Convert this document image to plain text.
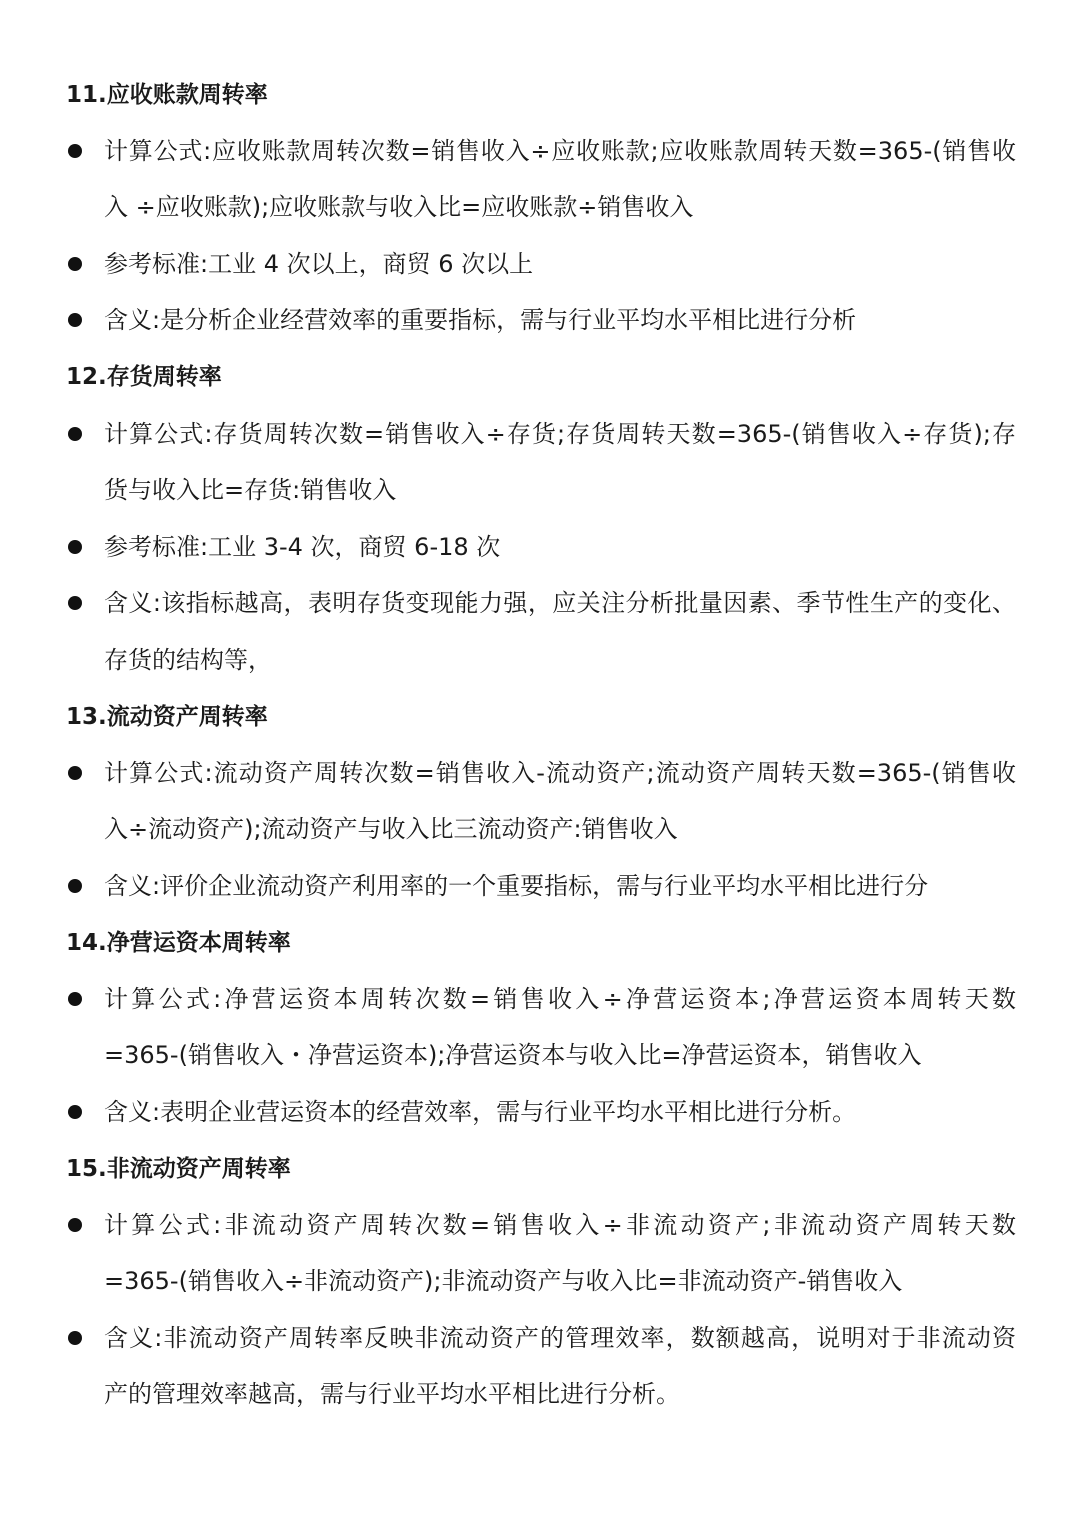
11.应收账款周转率
计算公式:应收账款周转次数=销售收入÷应收账款;应收账款周转天数=365-(销售收
入 ÷应收账款);应收账款与收入比=应收账款÷销售收入
参考标准:工业 4 次以上，商贸 6 次以上
含义:是分析企业经营效率的重要指标，需与行业平均水平相比进行分析
12.存货周转率
计算公式:存货周转次数=销售收入÷存货;存货周转天数=365-(销售收入÷存货);存
货与收入比=存货:销售收入
参考标准:工业 3-4 次，商贸 6-18 次
含义:该指标越高，表明存货变现能力强，应关注分析批量因素、季节性生产的变化、
存货的结构等，
13.流动资产周转率
计算公式:流动资产周转次数=销售收入-流动资产;流动资产周转天数=365-(销售收
入÷流动资产);流动资产与收入比三流动资产:销售收入
含义:评价企业流动资产利用率的一个重要指标，需与行业平均水平相比进行分
14.净营运资本周转率
计算公式:净营运资本周转次数=销售收入÷净营运资本;净营运资本周转天数
=365-(销售收入・净营运资本);净营运资本与收入比=净营运资本，销售收入
含义:表明企业营运资本的经营效率，需与行业平均水平相比进行分析。
15.非流动资产周转率
计算公式:非流动资产周转次数=销售收入÷非流动资产;非流动资产周转天数
=365-(销售收入÷非流动资产);非流动资产与收入比=非流动资产-销售收入
含义:非流动资产周转率反映非流动资产的管理效率，数额越高，说明对于非流动资
产的管理效率越高，需与行业平均水平相比进行分析。
